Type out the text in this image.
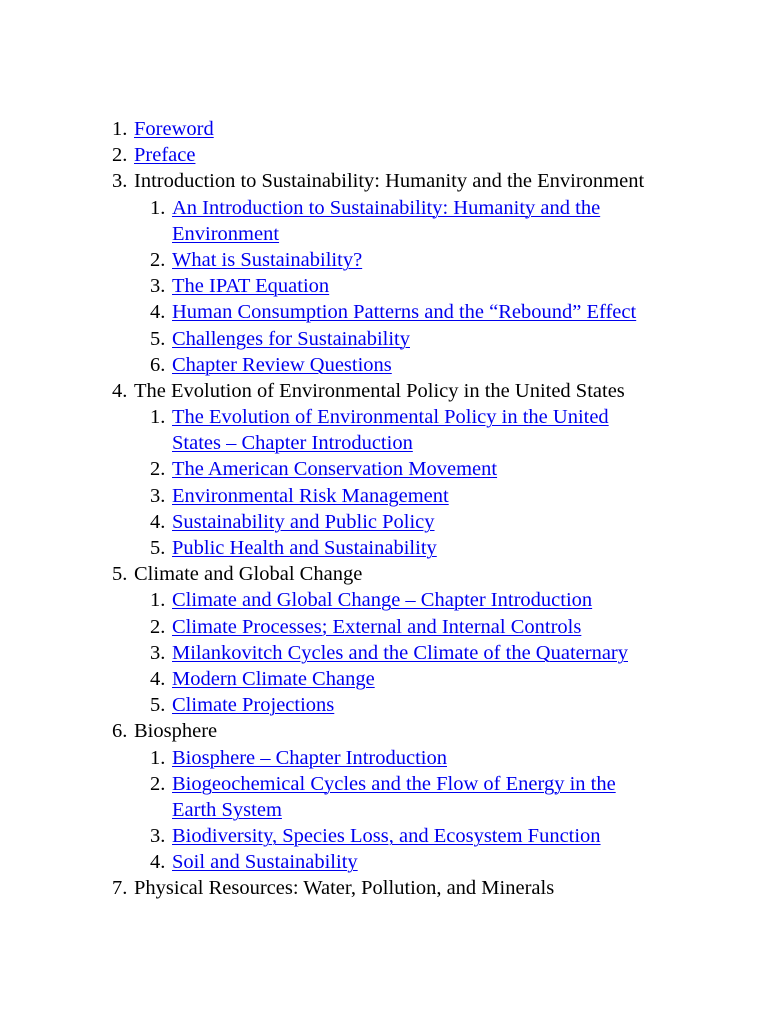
1. Foreword
2. Preface
3. Introduction to Sustainability: Humanity and the Environment
1. An Introduction to Sustainability: Humanity and the
Environment
2. What is Sustainability?
3. The IPAT Equation
4. Human Consumption Patterns and the “Rebound” Effect
5. Challenges for Sustainability
6. Chapter Review Questions
4. The Evolution of Environmental Policy in the United States
1. The Evolution of Environmental Policy in the United
States – Chapter Introduction
2. The American Conservation Movement
3. Environmental Risk Management
4. Sustainability and Public Policy
5. Public Health and Sustainability
5. Climate and Global Change
1. Climate and Global Change – Chapter Introduction
2. Climate Processes; External and Internal Controls
3. Milankovitch Cycles and the Climate of the Quaternary
4. Modern Climate Change
5. Climate Projections
6. Biosphere
1. Biosphere – Chapter Introduction
2. Biogeochemical Cycles and the Flow of Energy in the
Earth System
3. Biodiversity, Species Loss, and Ecosystem Function
4. Soil and Sustainability
7. Physical Resources: Water, Pollution, and Minerals
